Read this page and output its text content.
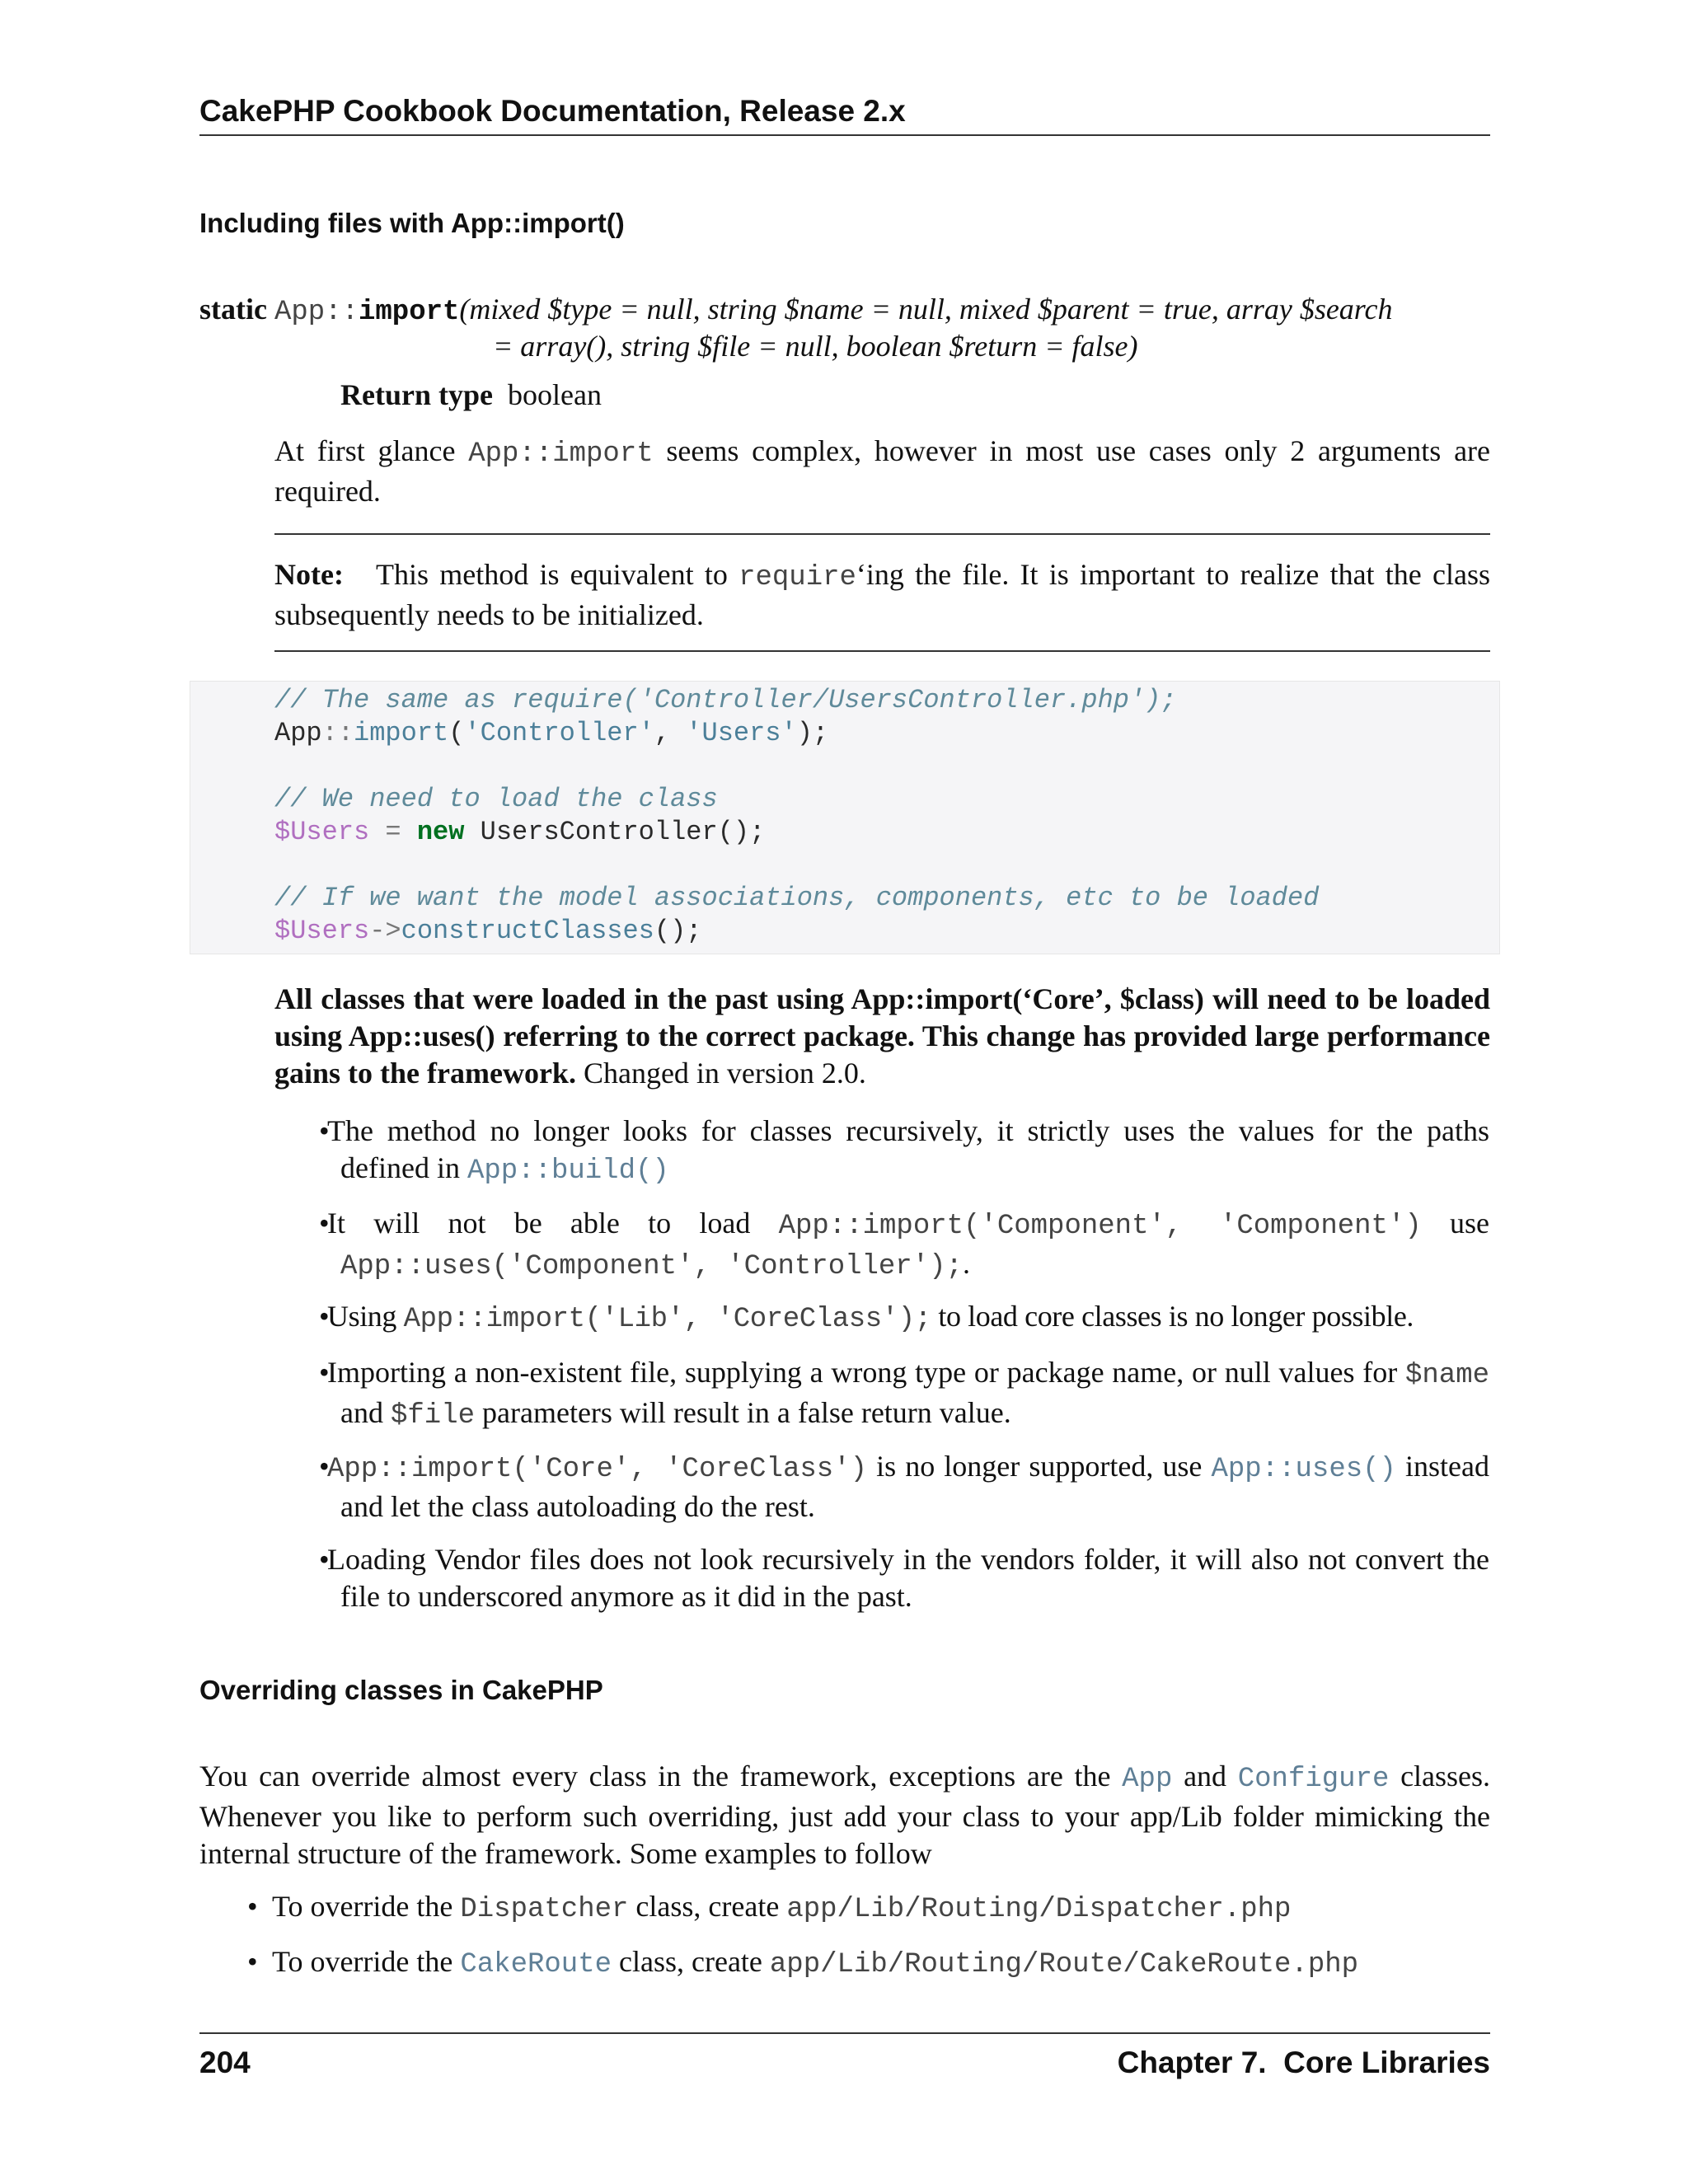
CakePHP Cookbook Documentation, Release 2.x
Including files with App::import()
static App::import(mixed $type = null, string $name = null, mixed $parent = true, array $search
= array(), string $file = null, boolean $return = false)
Return type boolean
At first glance App::import seems complex, however in most use cases only 2 arguments are required.
Note: This method is equivalent to require‘ing the file. It is important to realize that the class subsequently needs to be initialized.
// The same as require('Controller/UsersController.php');
App::import('Controller', 'Users');
// We need to load the class
$Users = new UsersController();
// If we want the model associations, components, etc to be loaded
$Users->constructClasses();
All classes that were loaded in the past using App::import(‘Core’, $class) will need to be loaded using App::uses() referring to the correct package. This change has provided large performance gains to the framework. Changed in version 2.0.
•
The method no longer looks for classes recursively, it strictly uses the values for the paths defined in App::build()
•
It will not be able to load App::import('Component', 'Component') use App::uses('Component', 'Controller');.
•
Using App::import('Lib', 'CoreClass'); to load core classes is no longer possible.
•
Importing a non-existent file, supplying a wrong type or package name, or null values for $name and $file parameters will result in a false return value.
•
App::import('Core', 'CoreClass') is no longer supported, use App::uses() instead and let the class autoloading do the rest.
•
Loading Vendor files does not look recursively in the vendors folder, it will also not convert the file to underscored anymore as it did in the past.
Overriding classes in CakePHP
You can override almost every class in the framework, exceptions are the App and Configure classes. Whenever you like to perform such overriding, just add your class to your app/Lib folder mimicking the internal structure of the framework. Some examples to follow
• To override the Dispatcher class, create app/Lib/Routing/Dispatcher.php
• To override the CakeRoute class, create app/Lib/Routing/Route/CakeRoute.php
204	Chapter 7.  Core Libraries
